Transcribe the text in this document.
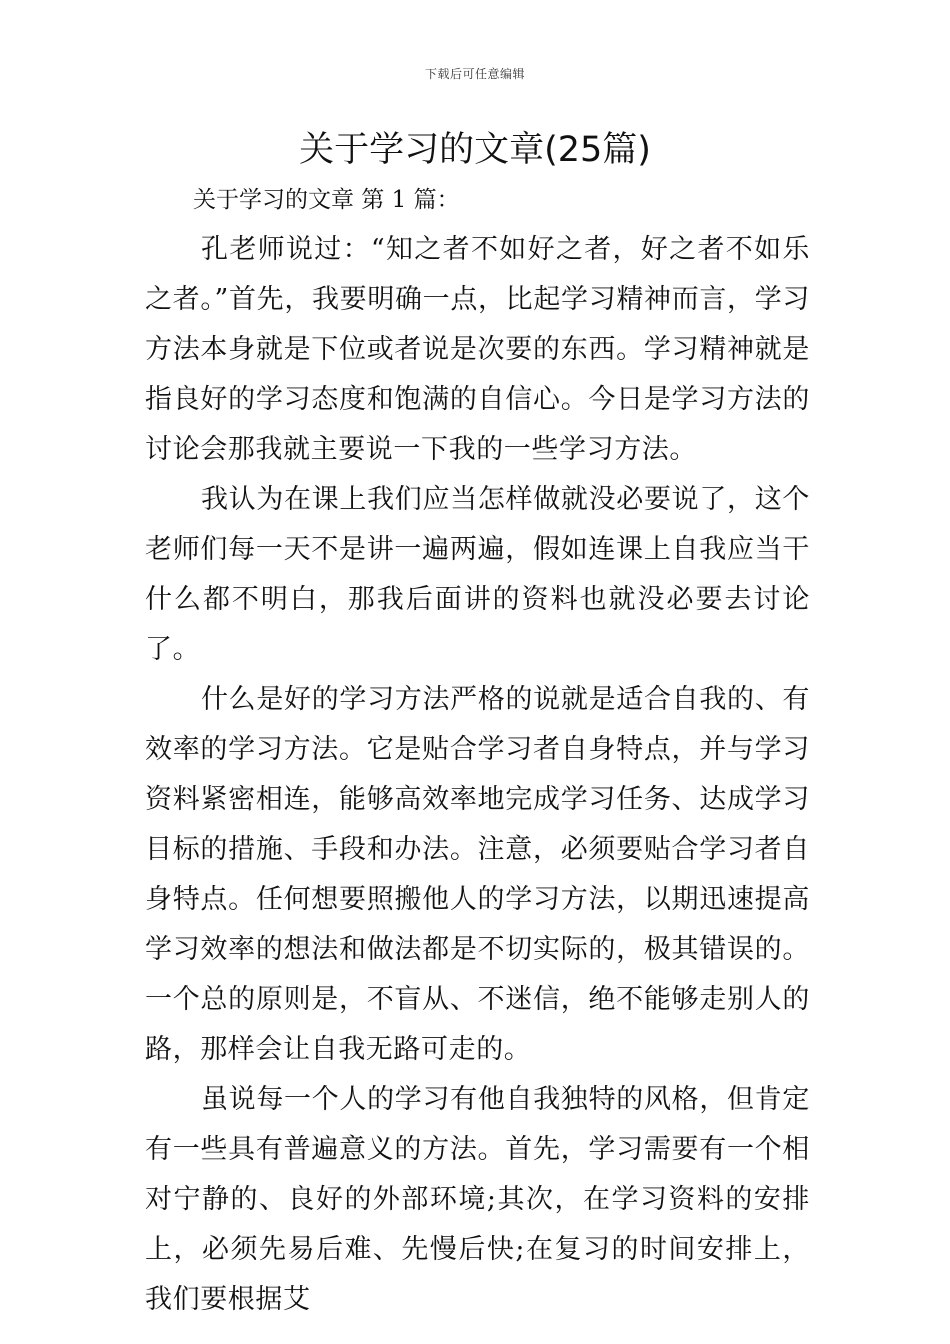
下载后可任意编辑
关于学习的文章(25篇)
关于学习的文章 第 1 篇：

孔老师说过：“知之者不如好之者，好之者不如乐之者。”首先，我要明确一点，比起学习精神而言，学习方法本身就是下位或者说是次要的东西。学习精神就是指良好的学习态度和饱满的自信心。今日是学习方法的讨论会那我就主要说一下我的一些学习方法。

我认为在课上我们应当怎样做就没必要说了，这个老师们每一天不是讲一遍两遍，假如连课上自我应当干什么都不明白，那我后面讲的资料也就没必要去讨论了。

什么是好的学习方法严格的说就是适合自我的、有效率的学习方法。它是贴合学习者自身特点，并与学习资料紧密相连，能够高效率地完成学习任务、达成学习目标的措施、手段和办法。注意，必须要贴合学习者自身特点。任何想要照搬他人的学习方法，以期迅速提高学习效率的想法和做法都是不切实际的，极其错误的。一个总的原则是，不盲从、不迷信，绝不能够走别人的路，那样会让自我无路可走的。

虽说每一个人的学习有他自我独特的风格，但肯定有一些具有普遍意义的方法。首先，学习需要有一个相对宁静的、良好的外部环境;其次，在学习资料的安排上，必须先易后难、先慢后快;在复习的时间安排上，我们要根据艾
